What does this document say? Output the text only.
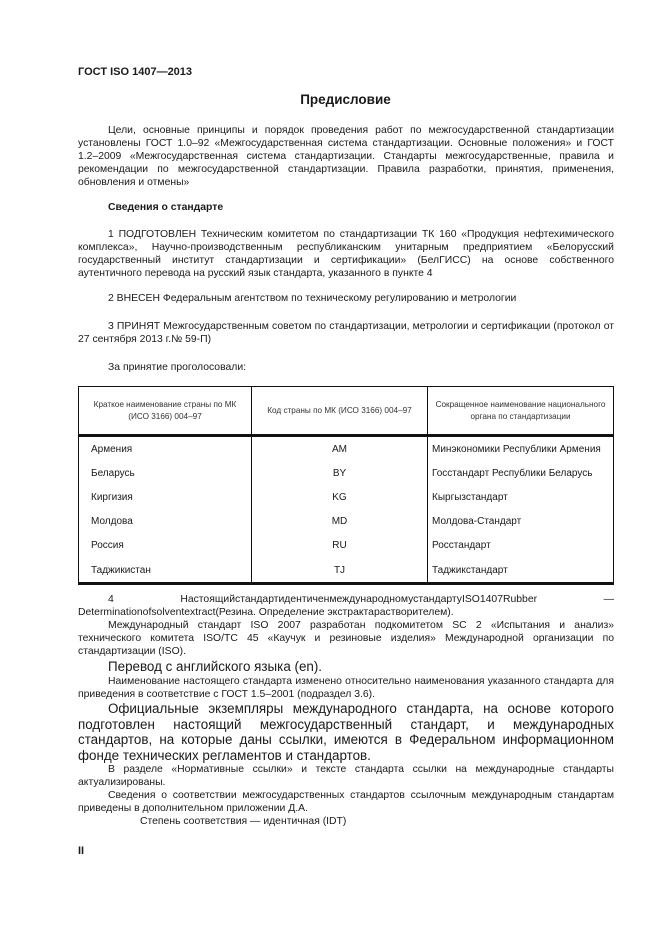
ГОСТ ISO 1407—2013
Предисловие
Цели, основные принципы и порядок проведения работ по межгосударственной стандартизации установлены ГОСТ 1.0–92 «Межгосударственная система стандартизации. Основные положения» и ГОСТ 1.2–2009 «Межгосударственная система стандартизации. Стандарты межгосударственные, правила и рекомендации по межгосударственной стандартизации. Правила разработки, принятия, применения, обновления и отмены»
Сведения о стандарте
1 ПОДГОТОВЛЕН Техническим комитетом по стандартизации ТК 160 «Продукция нефтехимического комплекса», Научно-производственным республиканским унитарным предприятием «Белорусский государственный институт стандартизации и сертификации» (БелГИСС) на основе собственного аутентичного перевода на русский язык стандарта, указанного в пункте 4
2 ВНЕСЕН Федеральным агентством по техническому регулированию и метрологии
3 ПРИНЯТ Межгосударственным советом по стандартизации, метрологии и сертификации (протокол от 27 сентября 2013 г.№ 59-П)
За принятие проголосовали:
Краткое наименование страны по МК (ИСО 3166) 004–97	Код страны по МК (ИСО 3166) 004–97	Сокращенное наименование национального органа по стандартизации
Армения	AM	Минэкономики Республики Армения
Беларусь	BY	Госстандарт Республики Беларусь
Киргизия	KG	Кыргызстандарт
Молдова	MD	Молдова-Стандарт
Россия	RU	Росстандарт
Таджикистан	TJ	Таджикстандарт
4 НастоящийстандартидентиченмеждународномустандартуISO1407Rubber — Determinationofsolventextract(Резина. Определение экстрактарастворителем).
Международный стандарт ISO 2007 разработан подкомитетом SC 2 «Испытания и анализ» технического комитета ISO/TC 45 «Каучук и резиновые изделия» Международной организации по стандартизации (ISO).
Перевод с английского языка (en).
Наименование настоящего стандарта изменено относительно наименования указанного стандарта для приведения в соответствие с ГОСТ 1.5–2001 (подраздел 3.6).
Официальные экземпляры международного стандарта, на основе которого подготовлен настоящий межгосударственный стандарт, и международных стандартов, на которые даны ссылки, имеются в Федеральном информационном фонде технических регламентов и стандартов.
В разделе «Нормативные ссылки» и тексте стандарта ссылки на международные стандарты актуализированы.
Сведения о соответствии межгосударственных стандартов ссылочным международным стандартам приведены в дополнительном приложении Д.А.
Степень соответствия — идентичная (IDT)
II
